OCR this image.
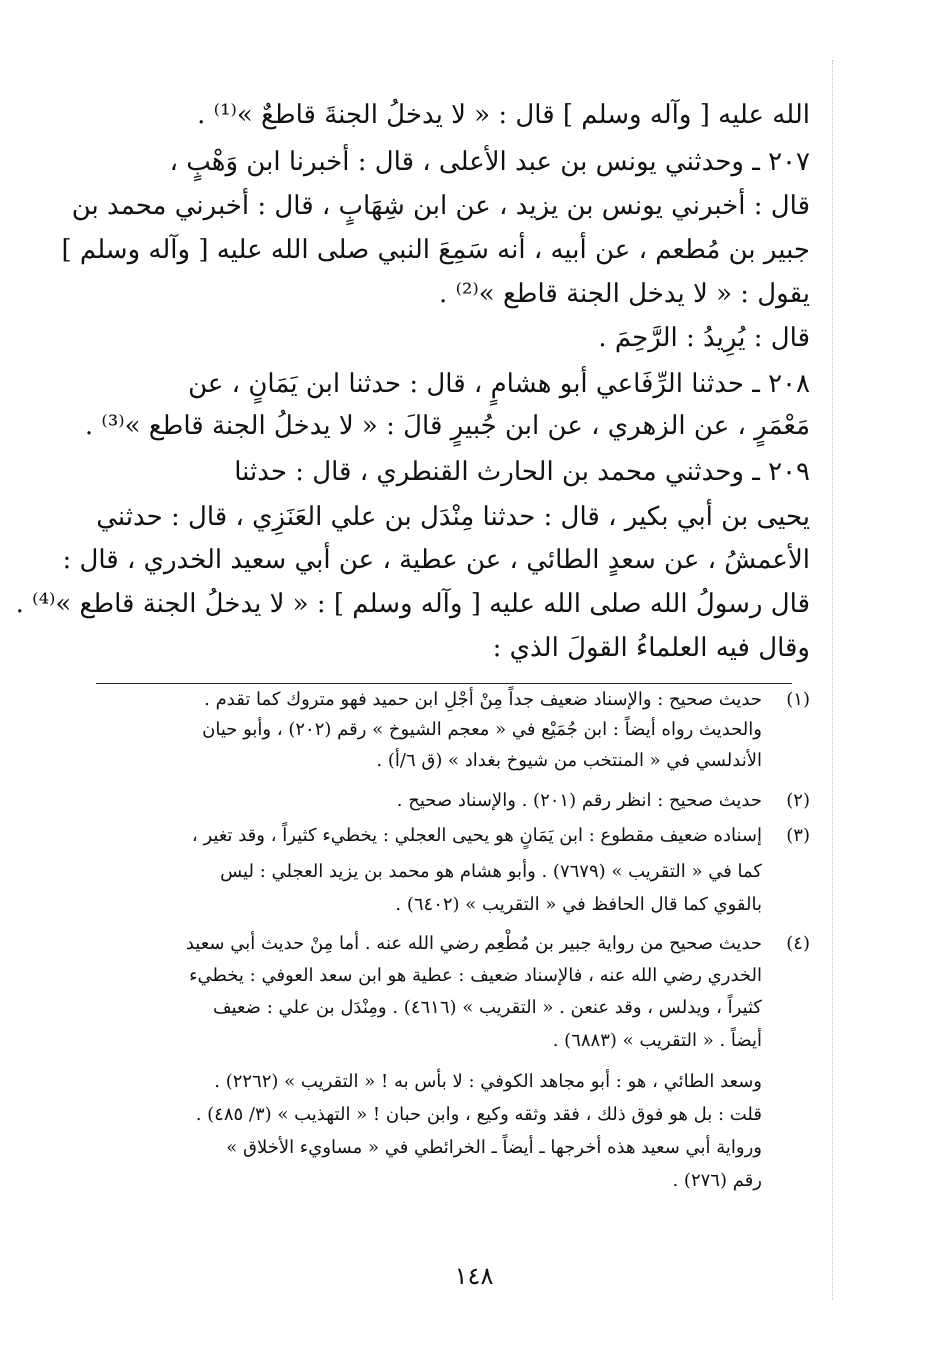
الله عليه [ وآله وسلم ] قال : « لا يدخلُ الجنةَ قاطعٌ »⁽¹⁾ .
٢٠٧ ـ وحدثني يونس بن عبد الأعلى ، قال : أخبرنا ابن وَهْبٍ ،
قال : أخبرني يونس بن يزيد ، عن ابن شِهَابٍ ، قال : أخبرني محمد بن
جبير بن مُطعم ، عن أبيه ، أنه سَمِعَ النبي صلى الله عليه [ وآله وسلم ]
يقول : « لا يدخل الجنة قاطع »⁽²⁾ .
قال : يُرِيدُ : الرَّحِمَ .
٢٠٨ ـ حدثنا الرِّفَاعي أبو هشامٍ ، قال : حدثنا ابن يَمَانٍ ، عن
مَعْمَرٍ ، عن الزهري ، عن ابن جُبيرٍ قالَ : « لا يدخلُ الجنة قاطع »⁽³⁾ .
٢٠٩ ـ وحدثني محمد بن الحارث القنطري ، قال : حدثنا
يحيى بن أبي بكير ، قال : حدثنا مِنْدَل بن علي العَنَزِي ، قال : حدثني
الأعمشُ ، عن سعدٍ الطائي ، عن عطية ، عن أبي سعيد الخدري ، قال :
قال رسولُ الله صلى الله عليه [ وآله وسلم ] : « لا يدخلُ الجنة قاطع »⁽⁴⁾ .
وقال فيه العلماءُ القولَ الذي :
(١)
حديث صحيح : والإسناد ضعيف جداً مِنْ أجْلِ ابن حميد فهو متروك كما تقدم .
والحديث رواه أيضاً : ابن جُمَيْع في « معجم الشيوخ » رقم (٢٠٢) ، وأبو حيان
الأندلسي في « المنتخب من شيوخ بغداد » (ق ٦/أ) .
(٢)
حديث صحيح : انظر رقم (٢٠١) . والإسناد صحيح .
(٣)
إسناده ضعيف مقطوع : ابن يَمَانٍ هو يحيى العجلي : يخطيء كثيراً ، وقد تغير ،
كما في « التقريب » (٧٦٧٩) . وأبو هشام هو محمد بن يزيد العجلي : ليس
بالقوي كما قال الحافظ في « التقريب » (٦٤٠٢) .
(٤)
حديث صحيح من رواية جبير بن مُطْعِم رضي الله عنه . أما مِنْ حديث أبي سعيد
الخدري رضي الله عنه ، فالإسناد ضعيف : عطية هو ابن سعد العوفي : يخطيء
كثيراً ، ويدلس ، وقد عنعن . « التقريب » (٤٦١٦) . ومِنْدَل بن علي : ضعيف
أيضاً . « التقريب » (٦٨٨٣) .
وسعد الطائي ، هو : أبو مجاهد الكوفي : لا بأس به ! « التقريب » (٢٢٦٢) .
قلت : بل هو فوق ذلك ، فقد وثقه وكيع ، وابن حبان ! « التهذيب » (٣/ ٤٨٥) .
ورواية أبي سعيد هذه أخرجها ـ أيضاً ـ الخرائطي في « مساويء الأخلاق »
رقم (٢٧٦) .
١٤٨
